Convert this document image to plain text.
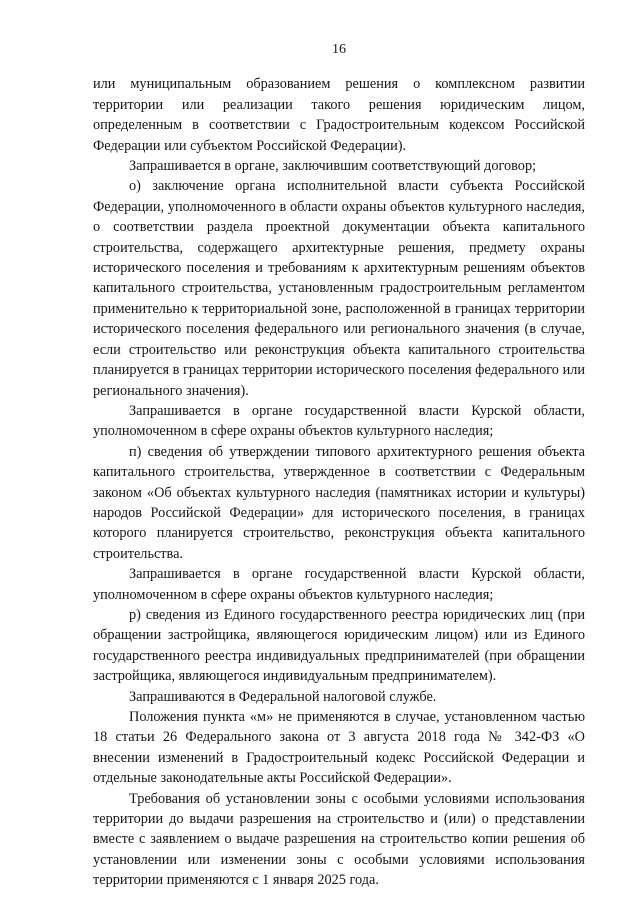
16

или муниципальным образованием решения о комплексном развитии территории или реализации такого решения юридическим лицом, определенным в соответствии с Градостроительным кодексом Российской Федерации или субъектом Российской Федерации).

Запрашивается в органе, заключившим соответствующий договор;

о) заключение органа исполнительной власти субъекта Российской Федерации, уполномоченного в области охраны объектов культурного наследия, о соответствии раздела проектной документации объекта капитального строительства, содержащего архитектурные решения, предмету охраны исторического поселения и требованиям к архитектурным решениям объектов капитального строительства, установленным градостроительным регламентом применительно к территориальной зоне, расположенной в границах территории исторического поселения федерального или регионального значения (в случае, если строительство или реконструкция объекта капитального строительства планируется в границах территории исторического поселения федерального или регионального значения).

Запрашивается в органе государственной власти Курской области, уполномоченном в сфере охраны объектов культурного наследия;

п) сведения об утверждении типового архитектурного решения объекта капитального строительства, утвержденное в соответствии с Федеральным законом «Об объектах культурного наследия (памятниках истории и культуры) народов Российской Федерации» для исторического поселения, в границах которого планируется строительство, реконструкция объекта капитального строительства.

Запрашивается в органе государственной власти Курской области, уполномоченном в сфере охраны объектов культурного наследия;

р) сведения из Единого государственного реестра юридических лиц (при обращении застройщика, являющегося юридическим лицом) или из Единого государственного реестра индивидуальных предпринимателей (при обращении застройщика, являющегося индивидуальным предпринимателем).

Запрашиваются в Федеральной налоговой службе.

Положения пункта «м» не применяются в случае, установленном частью 18 статьи 26 Федерального закона от 3 августа 2018 года № 342-ФЗ «О внесении изменений в Градостроительный кодекс Российской Федерации и отдельные законодательные акты Российской Федерации».

Требования об установлении зоны с особыми условиями использования территории до выдачи разрешения на строительство и (или) о представлении вместе с заявлением о выдаче разрешения на строительство копии решения об установлении или изменении зоны с особыми условиями использования территории применяются с 1 января 2025 года.
